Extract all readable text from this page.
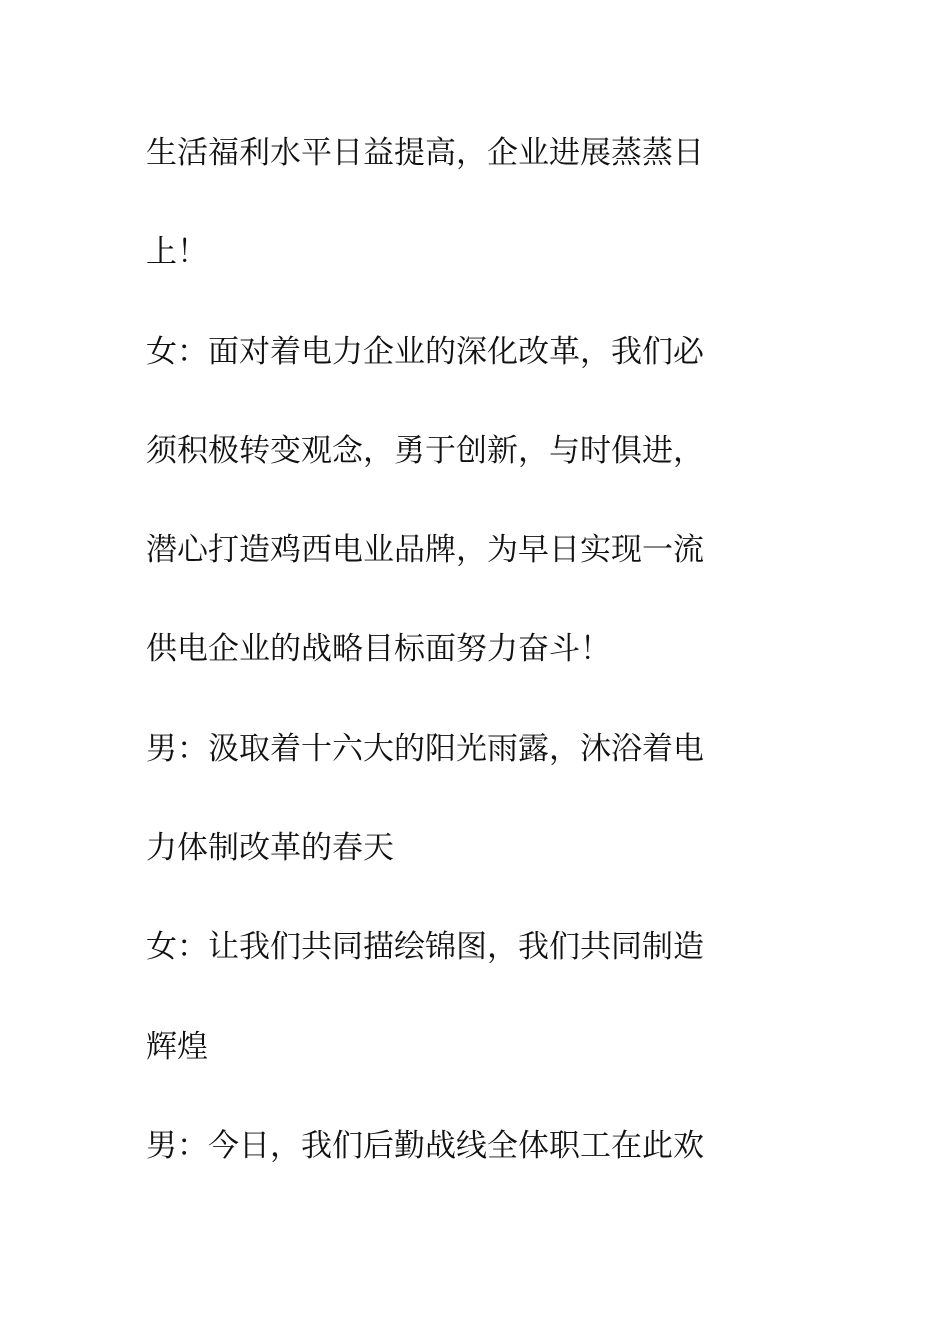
生活福利水平日益提高，企业进展蒸蒸日
上！
女：面对着电力企业的深化改革，我们必
须积极转变观念，勇于创新，与时俱进，
潜心打造鸡西电业品牌，为早日实现一流
供电企业的战略目标面努力奋斗！
男：汲取着十六大的阳光雨露，沐浴着电
力体制改革的春天
女：让我们共同描绘锦图，我们共同制造
辉煌
男：今日，我们后勤战线全体职工在此欢
